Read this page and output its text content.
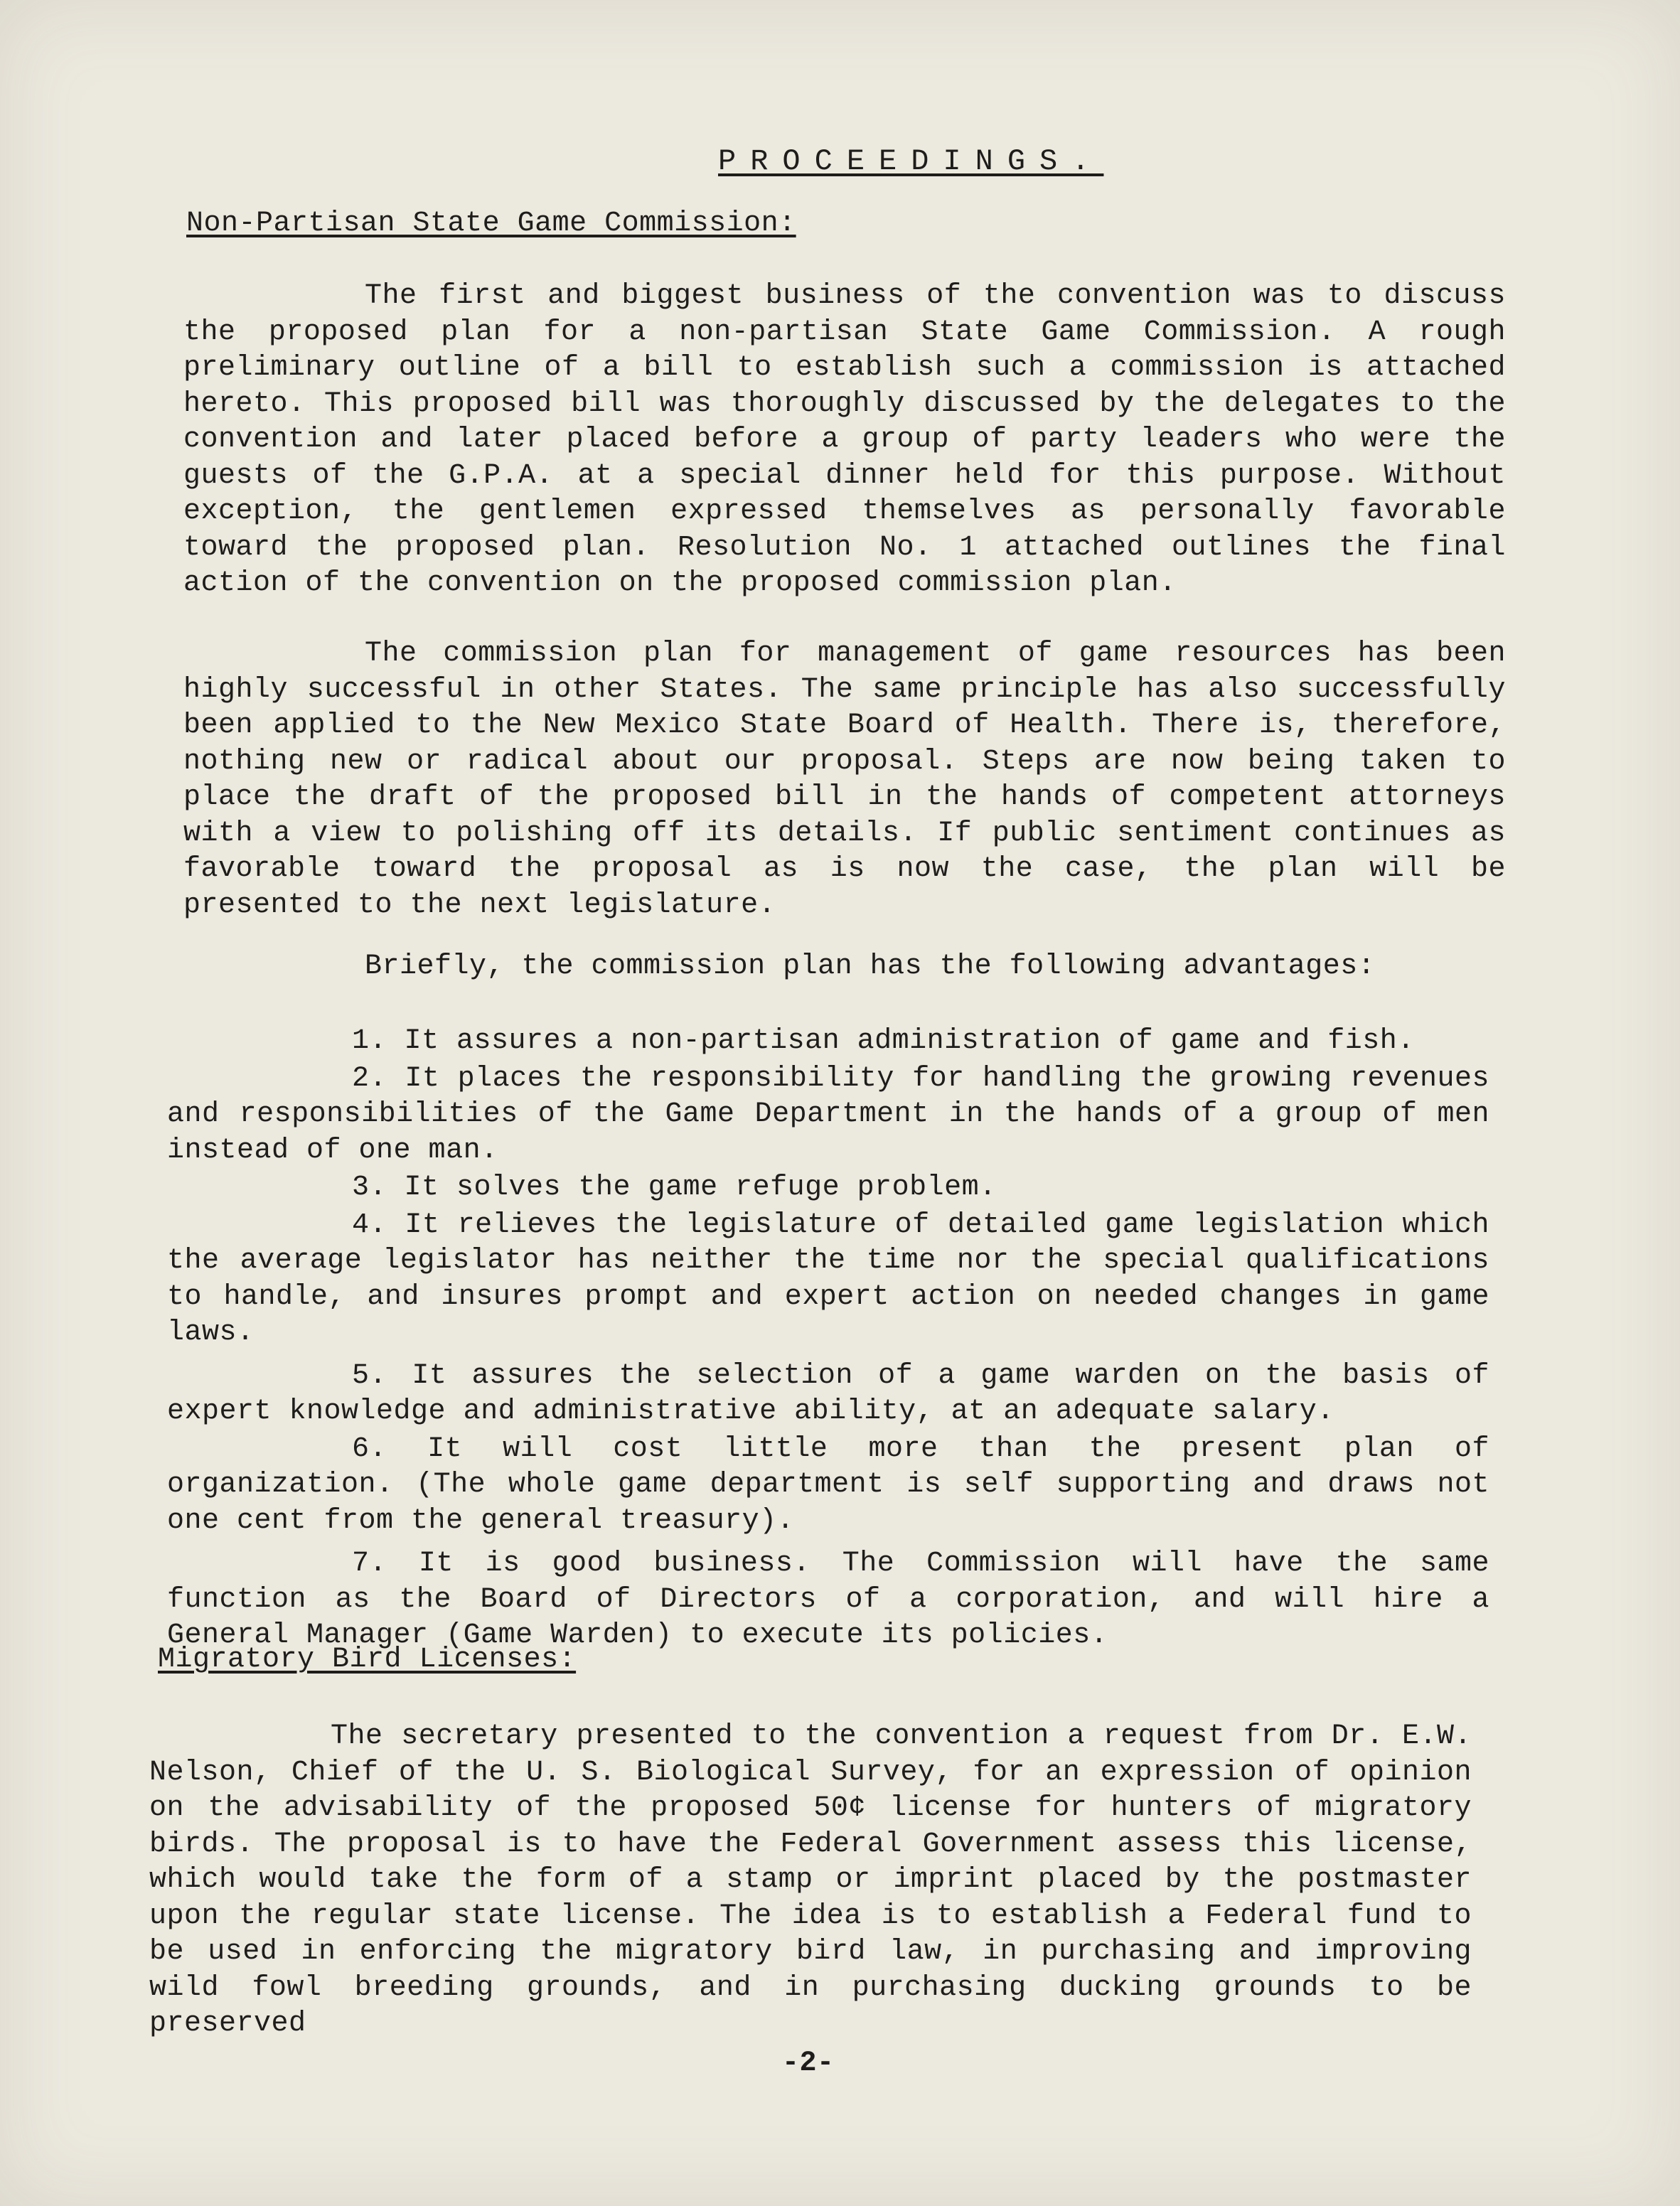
PROCEEDINGS.
Non-Partisan State Game Commission:

The first and biggest business of the convention was to discuss the proposed plan for a non-partisan State Game Commission. A rough preliminary outline of a bill to establish such a commission is attached hereto. This proposed bill was thoroughly discussed by the delegates to the convention and later placed before a group of party leaders who were the guests of the G.P.A. at a special dinner held for this purpose. Without exception, the gentlemen expressed themselves as personally favorable toward the proposed plan. Resolution No. 1 attached outlines the final action of the convention on the proposed commission plan.

The commission plan for management of game resources has been highly successful in other States. The same principle has also successfully been applied to the New Mexico State Board of Health. There is, therefore, nothing new or radical about our proposal. Steps are now being taken to place the draft of the proposed bill in the hands of competent attorneys with a view to polishing off its details. If public sentiment continues as favorable toward the proposal as is now the case, the plan will be presented to the next legislature.

Briefly, the commission plan has the following advantages:

1. It assures a non-partisan administration of game and fish.
2. It places the responsibility for handling the growing revenues and responsibilities of the Game Department in the hands of a group of men instead of one man.
3. It solves the game refuge problem.
4. It relieves the legislature of detailed game legislation which the average legislator has neither the time nor the special qualifications to handle, and insures prompt and expert action on needed changes in game laws.
5. It assures the selection of a game warden on the basis of expert knowledge and administrative ability, at an adequate salary.
6. It will cost little more than the present plan of organization. (The whole game department is self supporting and draws not one cent from the general treasury).
7. It is good business. The Commission will have the same function as the Board of Directors of a corporation, and will hire a General Manager (Game Warden) to execute its policies.
Migratory Bird Licenses:

The secretary presented to the convention a request from Dr. E.W. Nelson, Chief of the U. S. Biological Survey, for an expression of opinion on the advisability of the proposed 50¢ license for hunters of migratory birds. The proposal is to have the Federal Government assess this license, which would take the form of a stamp or imprint placed by the postmaster upon the regular state license. The idea is to establish a Federal fund to be used in enforcing the migratory bird law, in purchasing and improving wild fowl breeding grounds, and in purchasing ducking grounds to be preserved

-2-
